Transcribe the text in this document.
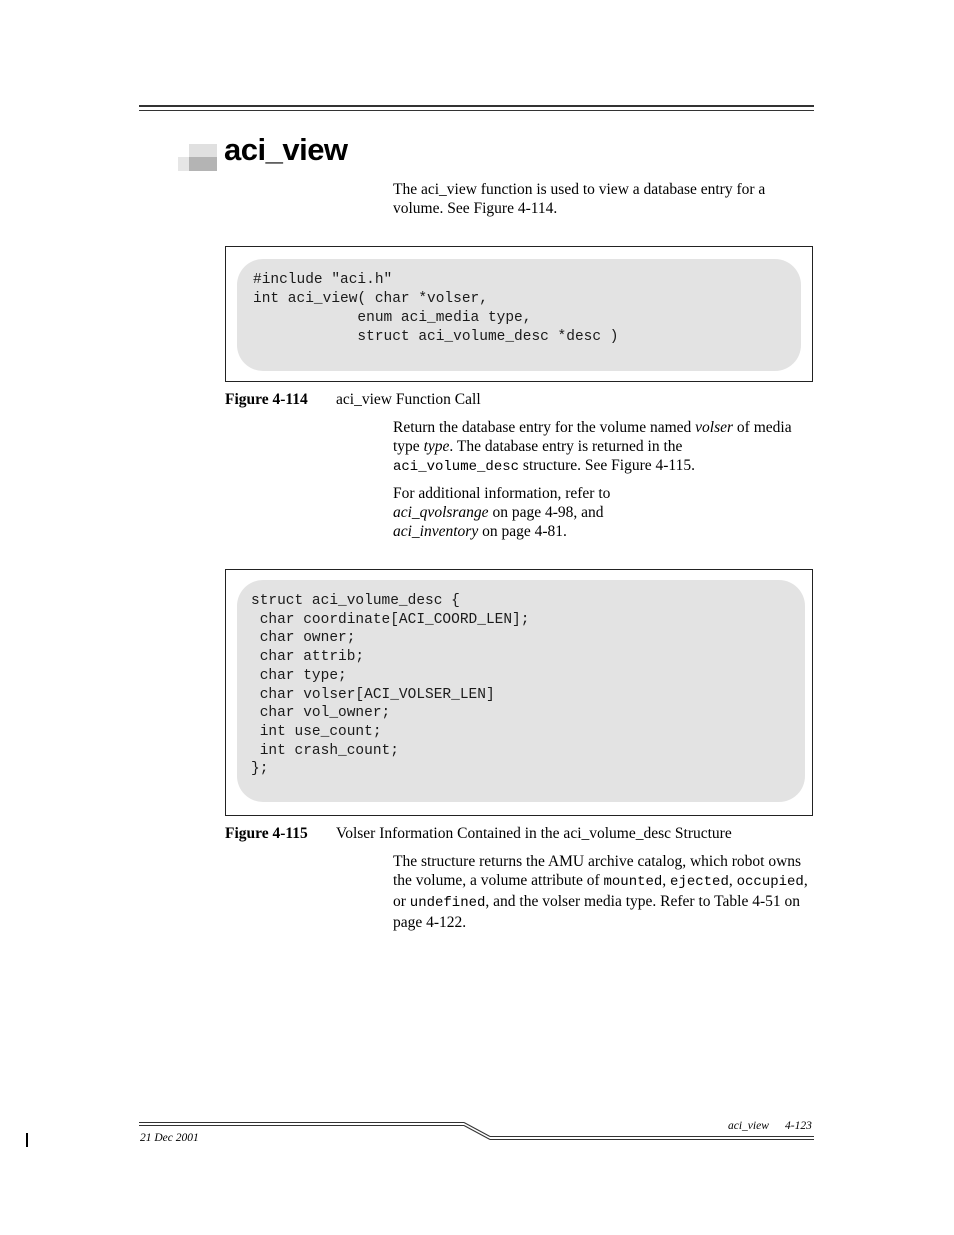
aci_view

The aci_view function is used to view a database entry for a volume. See Figure 4-114.

#include "aci.h"
int aci_view( char *volser,
enum aci_media type,
struct aci_volume_desc *desc )

Figure 4-114 aci_view Function Call

Return the database entry for the volume named volser of media type type. The database entry is returned in the
aci_volume_desc structure. See Figure 4-115.

For additional information, refer to
aci_qvolsrange on page 4-98, and
aci_inventory on page 4-81.

struct aci_volume_desc {
char coordinate[ACI_COORD_LEN];
char owner;
char attrib;
char type;
char volser[ACI_VOLSER_LEN]
char vol_owner;
int use_count;
int crash_count;
};

Figure 4-115 Volser Information Contained in the aci_volume_desc Structure

The structure returns the AMU archive catalog, which robot owns the volume, a volume attribute of mounted, ejected, occupied, or undefined, and the volser media type. Refer to Table 4-51 on page 4-122.

aci_view 4-123

21 Dec 2001
